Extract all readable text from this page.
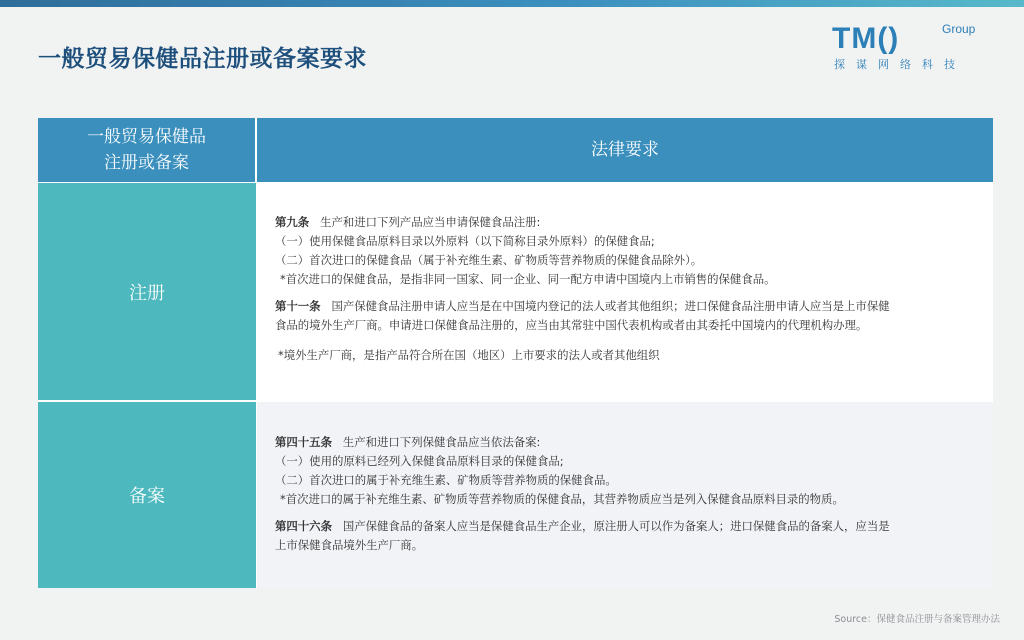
一般贸易保健品注册或备案要求
TM()	Group
探谋网络科技
一般贸易保健品
注册或备案
法律要求
注册
第九条 生产和进口下列产品应当申请保健食品注册:
（一）使用保健食品原料目录以外原料（以下简称目录外原料）的保健食品;
（二）首次进口的保健食品（属于补充维生素、矿物质等营养物质的保健食品除外）。
*首次进口的保健食品，是指非同一国家、同一企业、同一配方申请中国境内上市销售的保健食品。
第十一条 国产保健食品注册申请人应当是在中国境内登记的法人或者其他组织；进口保健食品注册申请人应当是上市保健
食品的境外生产厂商。申请进口保健食品注册的，应当由其常驻中国代表机构或者由其委托中国境内的代理机构办理。
*境外生产厂商，是指产品符合所在国（地区）上市要求的法人或者其他组织
备案
第四十五条 生产和进口下列保健食品应当依法备案:
（一）使用的原料已经列入保健食品原料目录的保健食品;
（二）首次进口的属于补充维生素、矿物质等营养物质的保健食品。
*首次进口的属于补充维生素、矿物质等营养物质的保健食品，其营养物质应当是列入保健食品原料目录的物质。
第四十六条 国产保健食品的备案人应当是保健食品生产企业，原注册人可以作为备案人；进口保健食品的备案人，应当是
上市保健食品境外生产厂商。
Source：保健食品注册与备案管理办法
